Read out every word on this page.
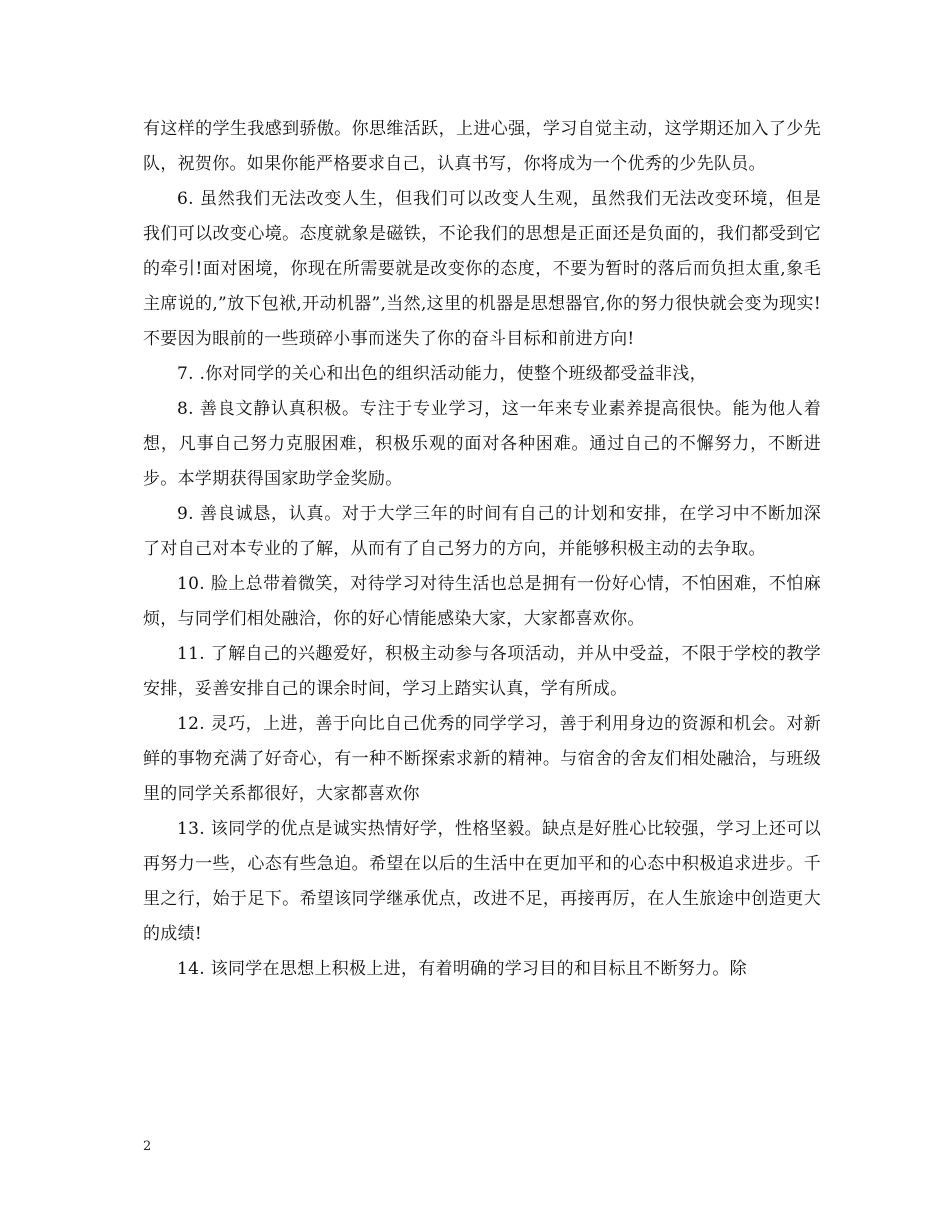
有这样的学生我感到骄傲。你思维活跃，上进心强，学习自觉主动，这学期还加入了少先队，祝贺你。如果你能严格要求自己，认真书写，你将成为一个优秀的少先队员。

6. 虽然我们无法改变人生，但我们可以改变人生观，虽然我们无法改变环境，但是我们可以改变心境。态度就象是磁铁，不论我们的思想是正面还是负面的，我们都受到它的牵引!面对困境，你现在所需要就是改变你的态度，不要为暂时的落后而负担太重,象毛主席说的,”放下包袱,开动机器”,当然,这里的机器是思想器官,你的努力很快就会变为现实!不要因为眼前的一些琐碎小事而迷失了你的奋斗目标和前进方向!

7. .你对同学的关心和出色的组织活动能力，使整个班级都受益非浅，

8. 善良文静认真积极。专注于专业学习，这一年来专业素养提高很快。能为他人着想，凡事自己努力克服困难，积极乐观的面对各种困难。通过自己的不懈努力，不断进步。本学期获得国家助学金奖励。

9. 善良诚恳，认真。对于大学三年的时间有自己的计划和安排，在学习中不断加深了对自己对本专业的了解，从而有了自己努力的方向，并能够积极主动的去争取。

10. 脸上总带着微笑，对待学习对待生活也总是拥有一份好心情，不怕困难，不怕麻烦，与同学们相处融洽，你的好心情能感染大家，大家都喜欢你。

11. 了解自己的兴趣爱好，积极主动参与各项活动，并从中受益，不限于学校的教学安排，妥善安排自己的课余时间，学习上踏实认真，学有所成。

12. 灵巧，上进，善于向比自己优秀的同学学习，善于利用身边的资源和机会。对新鲜的事物充满了好奇心，有一种不断探索求新的精神。与宿舍的舍友们相处融洽，与班级里的同学关系都很好，大家都喜欢你

13. 该同学的优点是诚实热情好学，性格坚毅。缺点是好胜心比较强，学习上还可以再努力一些，心态有些急迫。希望在以后的生活中在更加平和的心态中积极追求进步。千里之行，始于足下。希望该同学继承优点，改进不足，再接再厉，在人生旅途中创造更大的成绩!

14. 该同学在思想上积极上进，有着明确的学习目的和目标且不断努力。除

2
